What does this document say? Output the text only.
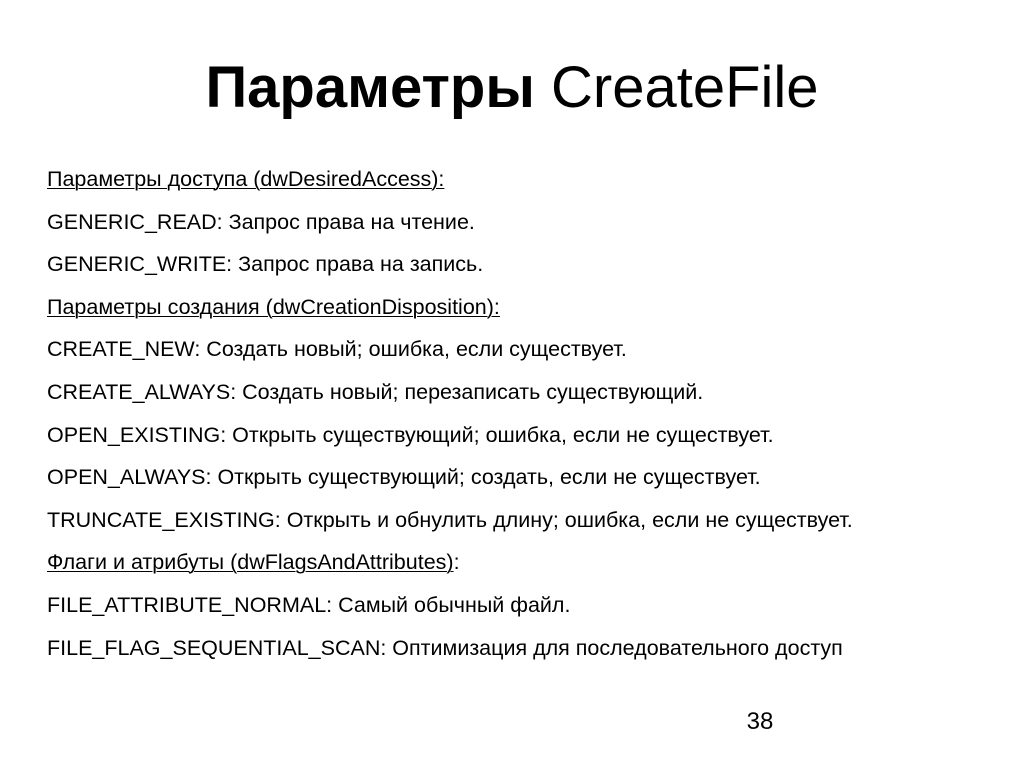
Параметры CreateFile
Параметры доступа (dwDesiredAccess):
GENERIC_READ: Запрос права на чтение.
GENERIC_WRITE: Запрос права на запись.
Параметры создания (dwCreationDisposition):
CREATE_NEW: Создать новый; ошибка, если существует.
CREATE_ALWAYS: Создать новый; перезаписать существующий.
OPEN_EXISTING: Открыть существующий; ошибка, если не существует.
OPEN_ALWAYS: Открыть существующий; создать, если не существует.
TRUNCATE_EXISTING: Открыть и обнулить длину; ошибка, если не существует.
Флаги и атрибуты (dwFlagsAndAttributes):
FILE_ATTRIBUTE_NORMAL: Самый обычный файл.
FILE_FLAG_SEQUENTIAL_SCAN: Оптимизация для последовательного доступ
38
